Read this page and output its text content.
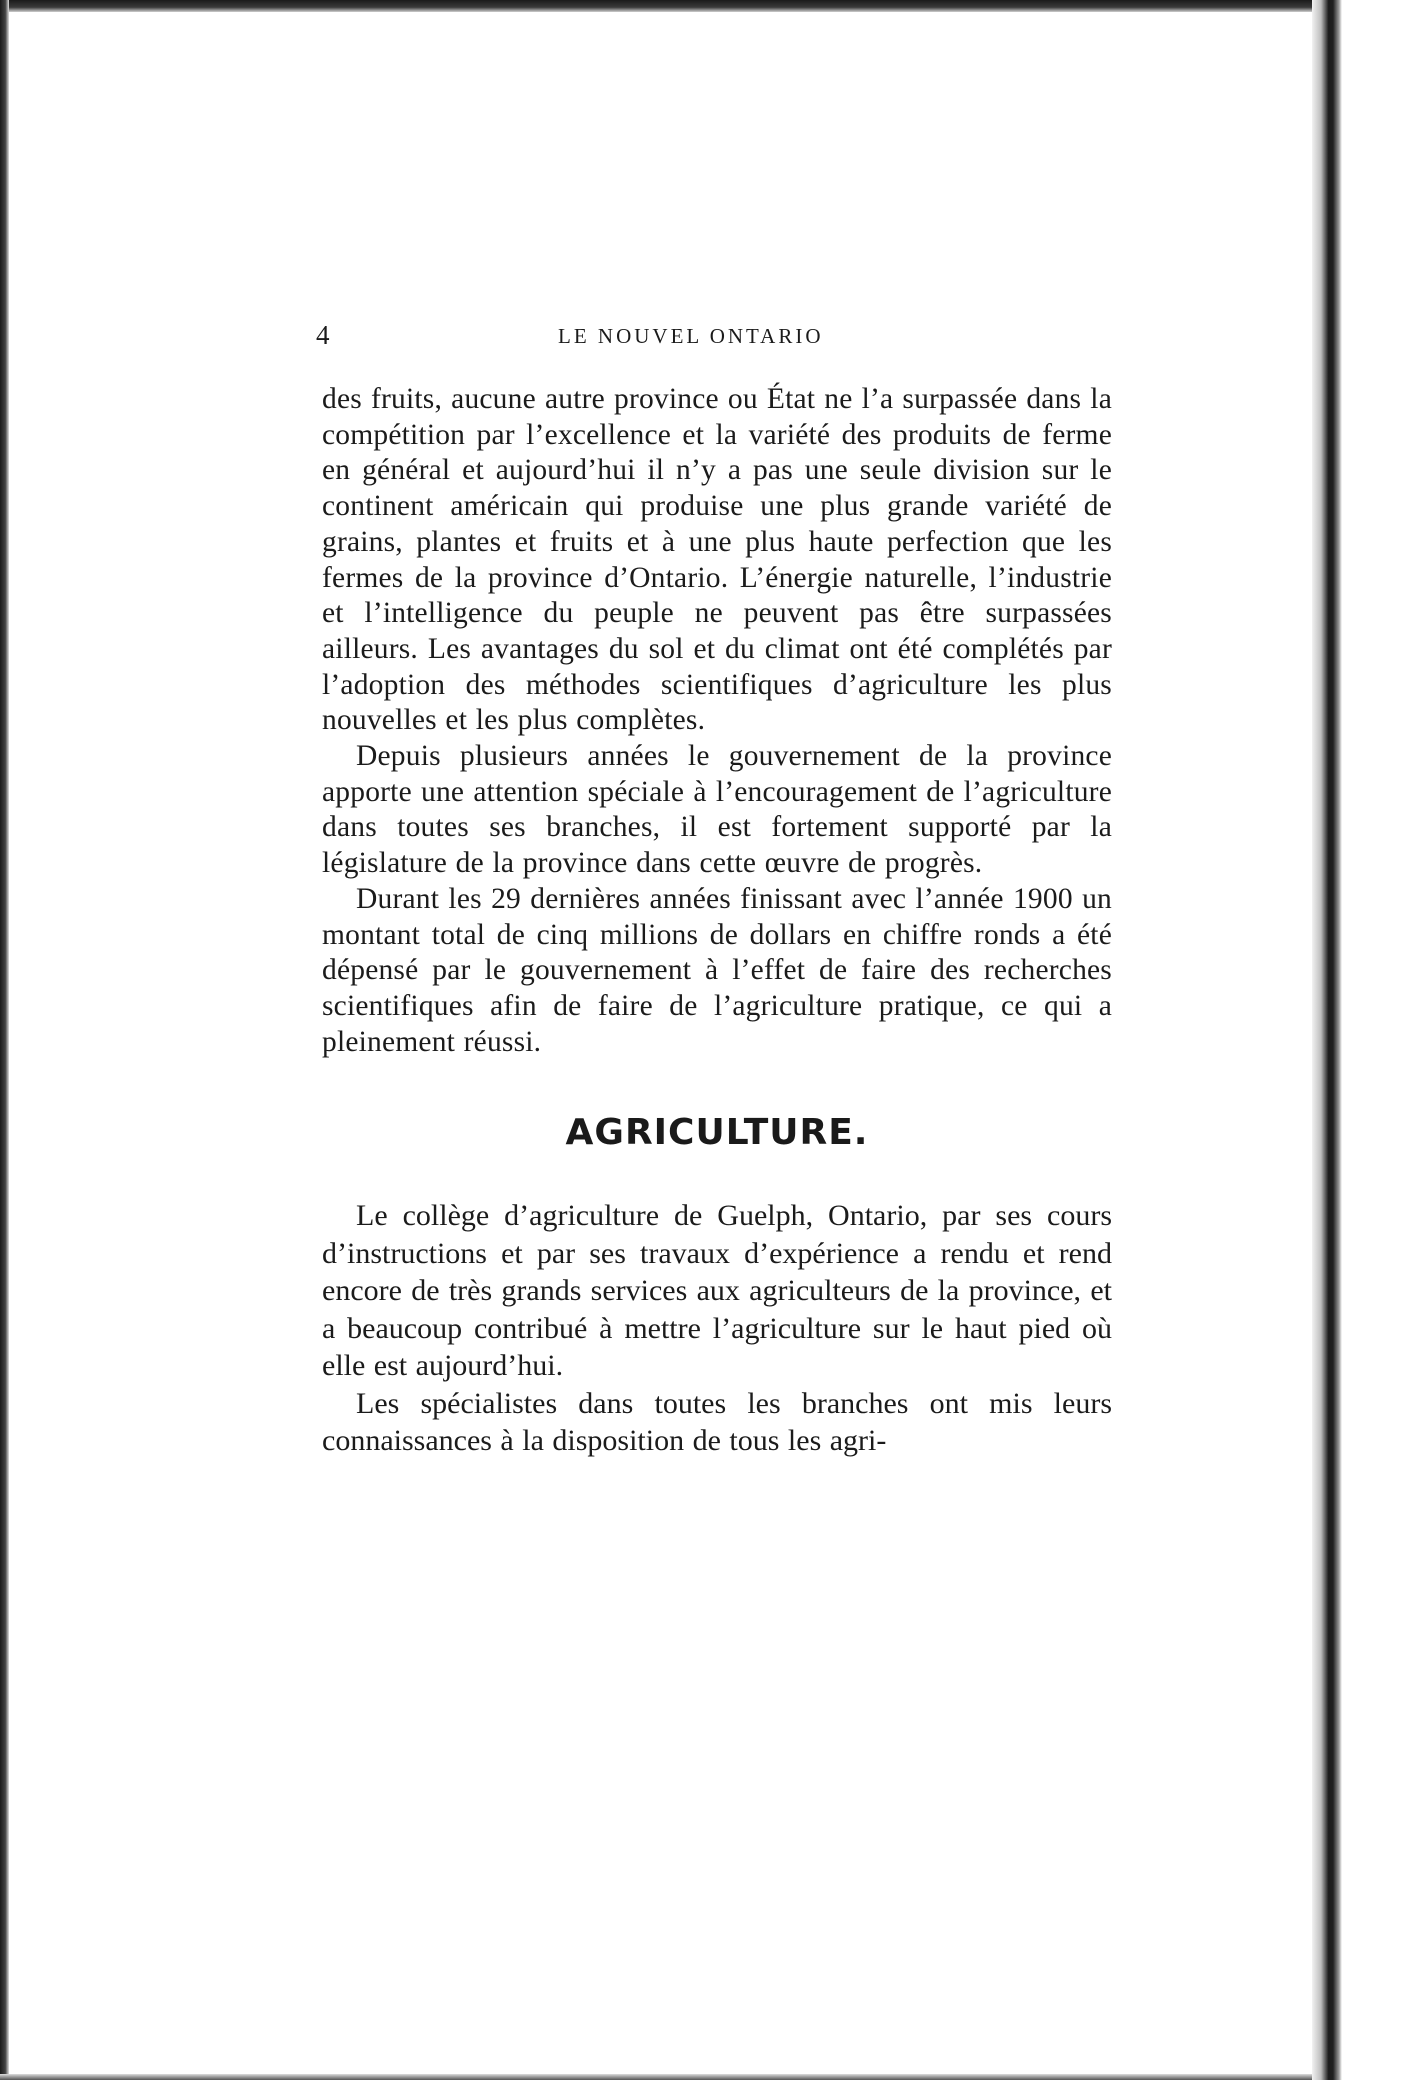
4	LE NOUVEL ONTARIO

des fruits, aucune autre province ou État ne l’a surpassée dans la compétition par l’excellence et la variété des produits de ferme en général et aujourd’hui il n’y a pas une seule division sur le continent américain qui produise une plus grande variété de grains, plantes et fruits et à une plus haute perfection que les fermes de la province d’Ontario. L’énergie naturelle, l’industrie et l’intelligence du peuple ne peuvent pas être surpassées ailleurs. Les avantages du sol et du climat ont été complétés par l’adoption des méthodes scientifiques d’agriculture les plus nouvelles et les plus complètes.

Depuis plusieurs années le gouvernement de la province apporte une attention spéciale à l’encouragement de l’agriculture dans toutes ses branches, il est fortement supporté par la législature de la province dans cette œuvre de progrès.

Durant les 29 dernières années finissant avec l’année 1900 un montant total de cinq millions de dollars en chiffre ronds a été dépensé par le gouvernement à l’effet de faire des recherches scientifiques afin de faire de l’agriculture pratique, ce qui a pleinement réussi.

AGRICULTURE.

Le collège d’agriculture de Guelph, Ontario, par ses cours d’instructions et par ses travaux d’expérience a rendu et rend encore de très grands services aux agriculteurs de la province, et a beaucoup contribué à mettre l’agriculture sur le haut pied où elle est aujourd’hui.

Les spécialistes dans toutes les branches ont mis leurs connaissances à la disposition de tous les agri-
